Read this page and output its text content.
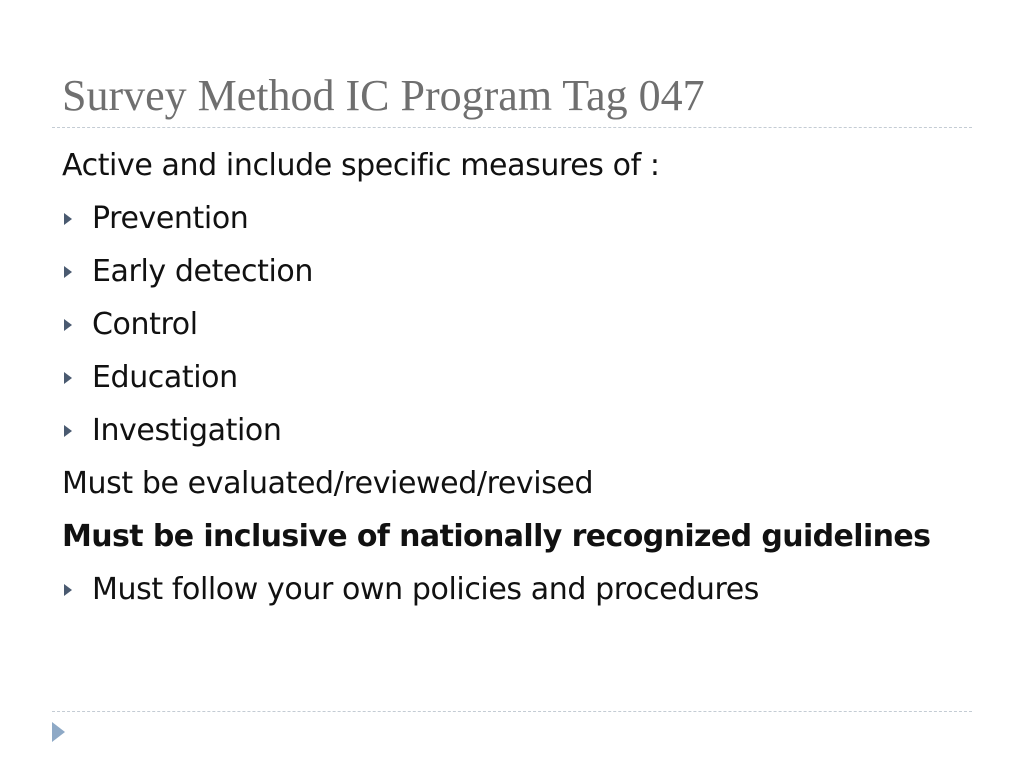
Survey Method IC Program Tag 047
Active and include specific measures of :
Prevention
Early detection
Control
Education
Investigation
Must be evaluated/reviewed/revised
Must be inclusive of nationally recognized guidelines
Must follow your own policies and procedures
